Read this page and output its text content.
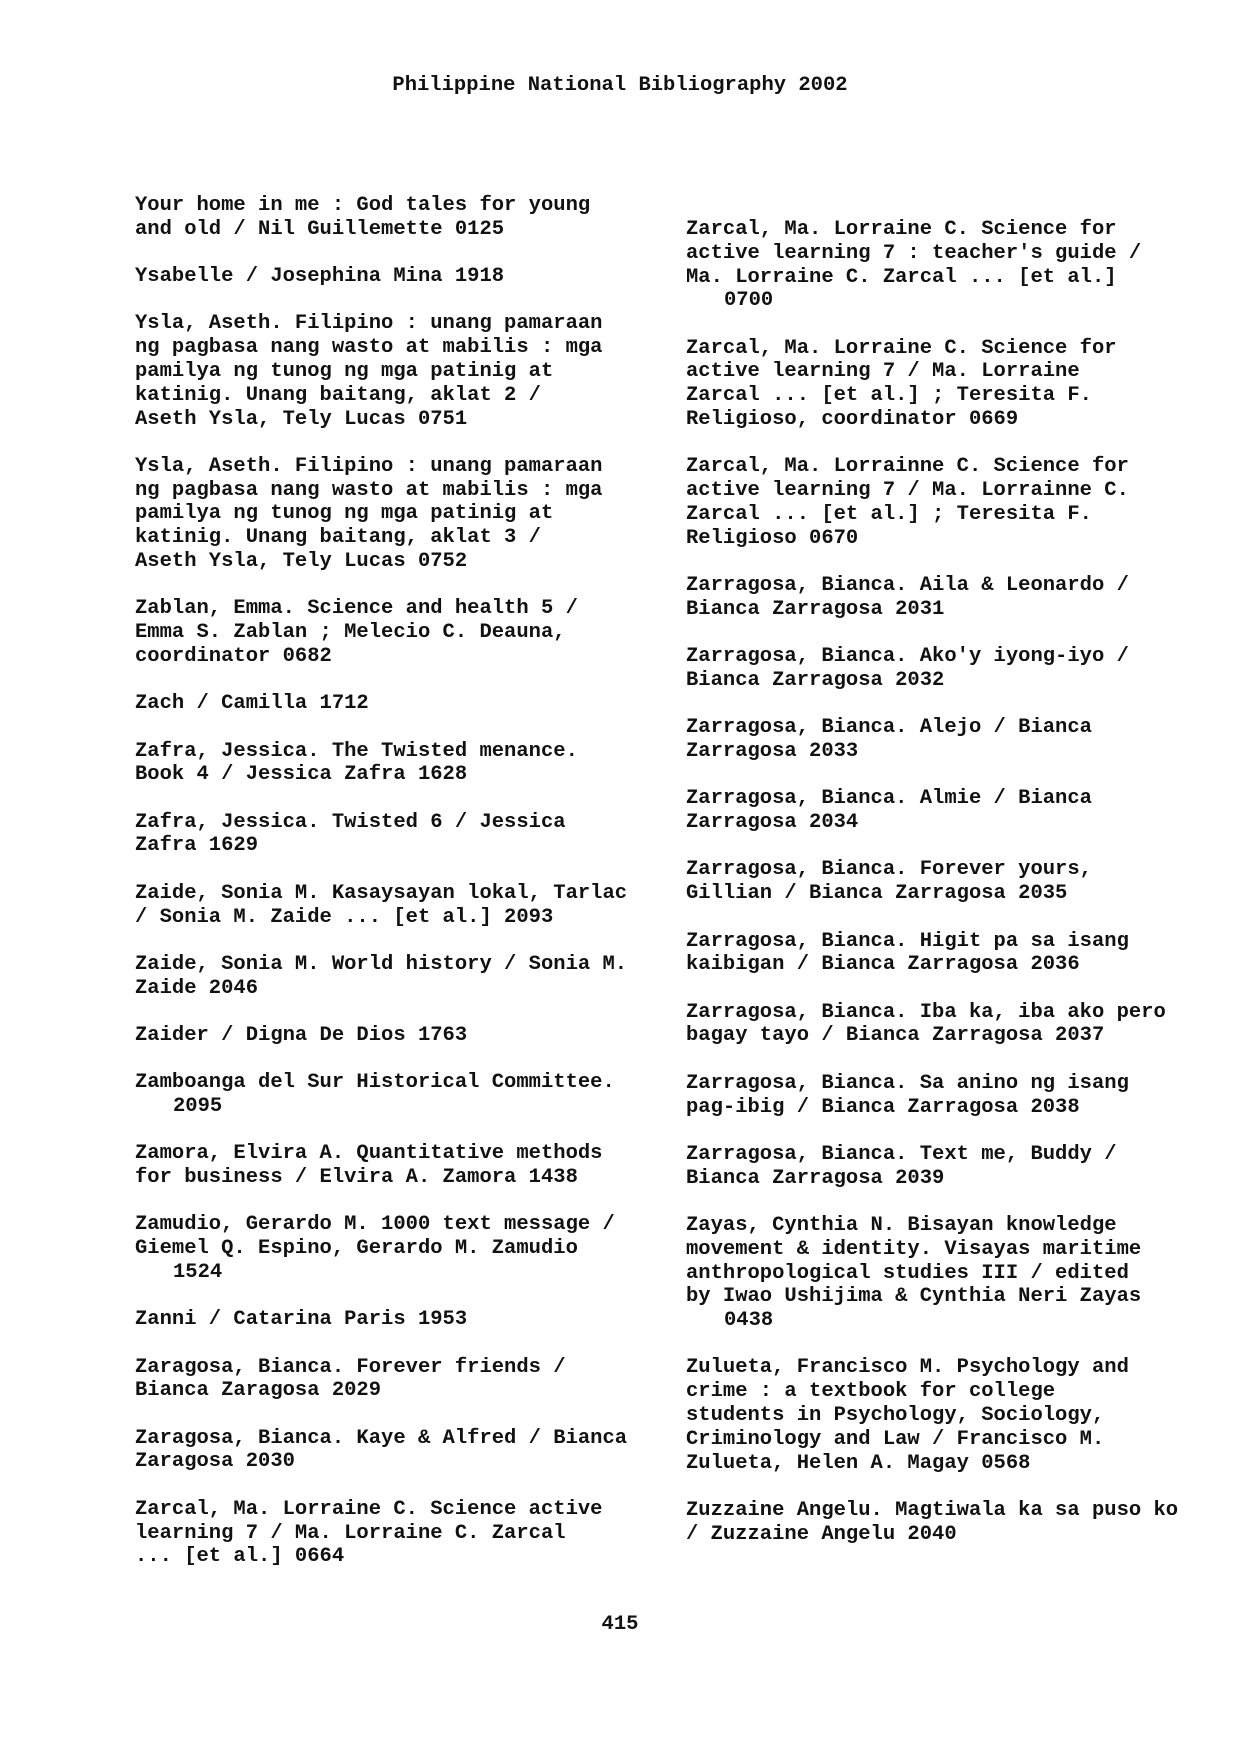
Philippine National Bibliography 2002
Your home in me : God tales for young
and old / Nil Guillemette 0125
Ysabelle / Josephina Mina 1918
Ysla, Aseth. Filipino : unang pamaraan
ng pagbasa nang wasto at mabilis : mga
pamilya ng tunog ng mga patinig at
katinig. Unang baitang, aklat 2 /
Aseth Ysla, Tely Lucas 0751
Ysla, Aseth. Filipino : unang pamaraan
ng pagbasa nang wasto at mabilis : mga
pamilya ng tunog ng mga patinig at
katinig. Unang baitang, aklat 3 /
Aseth Ysla, Tely Lucas 0752
Zablan, Emma. Science and health 5 /
Emma S. Zablan ; Melecio C. Deauna,
coordinator 0682
Zach / Camilla 1712
Zafra, Jessica. The Twisted menance.
Book 4 / Jessica Zafra 1628
Zafra, Jessica. Twisted 6 / Jessica
Zafra 1629
Zaide, Sonia M. Kasaysayan lokal, Tarlac
/ Sonia M. Zaide ... [et al.] 2093
Zaide, Sonia M. World history / Sonia M.
Zaide 2046
Zaider / Digna De Dios 1763
Zamboanga del Sur Historical Committee.
2095
Zamora, Elvira A. Quantitative methods
for business / Elvira A. Zamora 1438
Zamudio, Gerardo M. 1000 text message /
Giemel Q. Espino, Gerardo M. Zamudio
1524
Zanni / Catarina Paris 1953
Zaragosa, Bianca. Forever friends /
Bianca Zaragosa 2029
Zaragosa, Bianca. Kaye & Alfred / Bianca
Zaragosa 2030
Zarcal, Ma. Lorraine C. Science active
learning 7 / Ma. Lorraine C. Zarcal
... [et al.] 0664
Zarcal, Ma. Lorraine C. Science for
active learning 7 : teacher's guide /
Ma. Lorraine C. Zarcal ... [et al.]
0700
Zarcal, Ma. Lorraine C. Science for
active learning 7 / Ma. Lorraine
Zarcal ... [et al.] ; Teresita F.
Religioso, coordinator 0669
Zarcal, Ma. Lorrainne C. Science for
active learning 7 / Ma. Lorrainne C.
Zarcal ... [et al.] ; Teresita F.
Religioso 0670
Zarragosa, Bianca. Aila & Leonardo /
Bianca Zarragosa 2031
Zarragosa, Bianca. Ako'y iyong-iyo /
Bianca Zarragosa 2032
Zarragosa, Bianca. Alejo / Bianca
Zarragosa 2033
Zarragosa, Bianca. Almie / Bianca
Zarragosa 2034
Zarragosa, Bianca. Forever yours,
Gillian / Bianca Zarragosa 2035
Zarragosa, Bianca. Higit pa sa isang
kaibigan / Bianca Zarragosa 2036
Zarragosa, Bianca. Iba ka, iba ako pero
bagay tayo / Bianca Zarragosa 2037
Zarragosa, Bianca. Sa anino ng isang
pag-ibig / Bianca Zarragosa 2038
Zarragosa, Bianca. Text me, Buddy /
Bianca Zarragosa 2039
Zayas, Cynthia N. Bisayan knowledge
movement & identity. Visayas maritime
anthropological studies III / edited
by Iwao Ushijima & Cynthia Neri Zayas
0438
Zulueta, Francisco M. Psychology and
crime : a textbook for college
students in Psychology, Sociology,
Criminology and Law / Francisco M.
Zulueta, Helen A. Magay 0568
Zuzzaine Angelu. Magtiwala ka sa puso ko
/ Zuzzaine Angelu 2040
415
